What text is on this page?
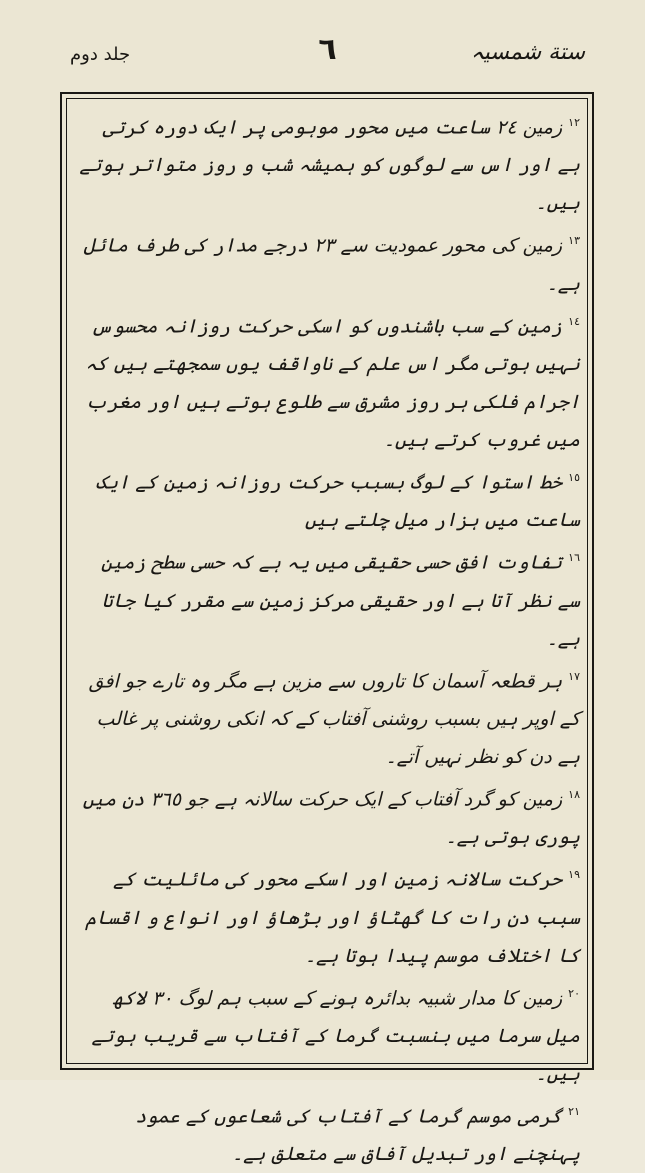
ستة شمسیہ
٦
جلد دوم

$^{١٢}$ زمین ٢٤ ساعت میں محور موہومی پر ایک دورہ کرتی ہے اور اس سے لوگوں کو ہمیشہ شب و روز متواتر ہوتے ہیں۔

$^{١٣}$ زمین کی محور عمودیت سے ٢٣ درجے مدار کی طرف مائل ہے۔

$^{١٤}$ زمین کے سب باشندوں کو اسکی حرکت روزانہ محسوس نہیں ہوتی مگر اس علم کے ناواقف یوں سمجھتے ہیں کہ اجرام فلکی ہر روز مشرق سے طلوع ہوتے ہیں اور مغرب میں غروب کرتے ہیں۔

$^{١٥}$ خط استوا کے لوگ بسبب حرکت روزانہ زمین کے ایک ساعت میں ہزار میل چلتے ہیں

$^{١٦}$ تفاوت افق حسی حقیقی میں یہ ہے کہ حسی سطح زمین سے نظر آتا ہے اور حقیقی مرکز زمین سے مقرر کیا جاتا ہے۔

$^{١٧}$ ہر قطعہ آسمان کا تاروں سے مزین ہے مگر وہ تارے جو افق کے اوپر ہیں بسبب روشنی آفتاب کے کہ انکی روشنی پر غالب ہے دن کو نظر نہیں آتے۔

$^{١٨}$ زمین کو گرد آفتاب کے ایک حرکت سالانہ ہے جو ٣٦٥ دن میں پوری ہوتی ہے۔

$^{١٩}$ حرکت سالانہ زمین اور اسکے محور کی مائلیت کے سبب دن رات کا گھٹاؤ اور بڑھاؤ اور انواع و اقسام کا اختلاف موسم پیدا ہوتا ہے۔

$^{٢٠}$ زمین کا مدار شبیہ بدائرہ ہونے کے سبب ہم لوگ ٣٠ لاکھ میل سرما میں بنسبت گرما کے آفتاب سے قریب ہوتے ہیں۔

$^{٢١}$ گرمی موسم گرما کے آفتاب کی شعاعوں کے عمود پہنچنے اور تبدیل آفاق سے متعلق ہے۔
